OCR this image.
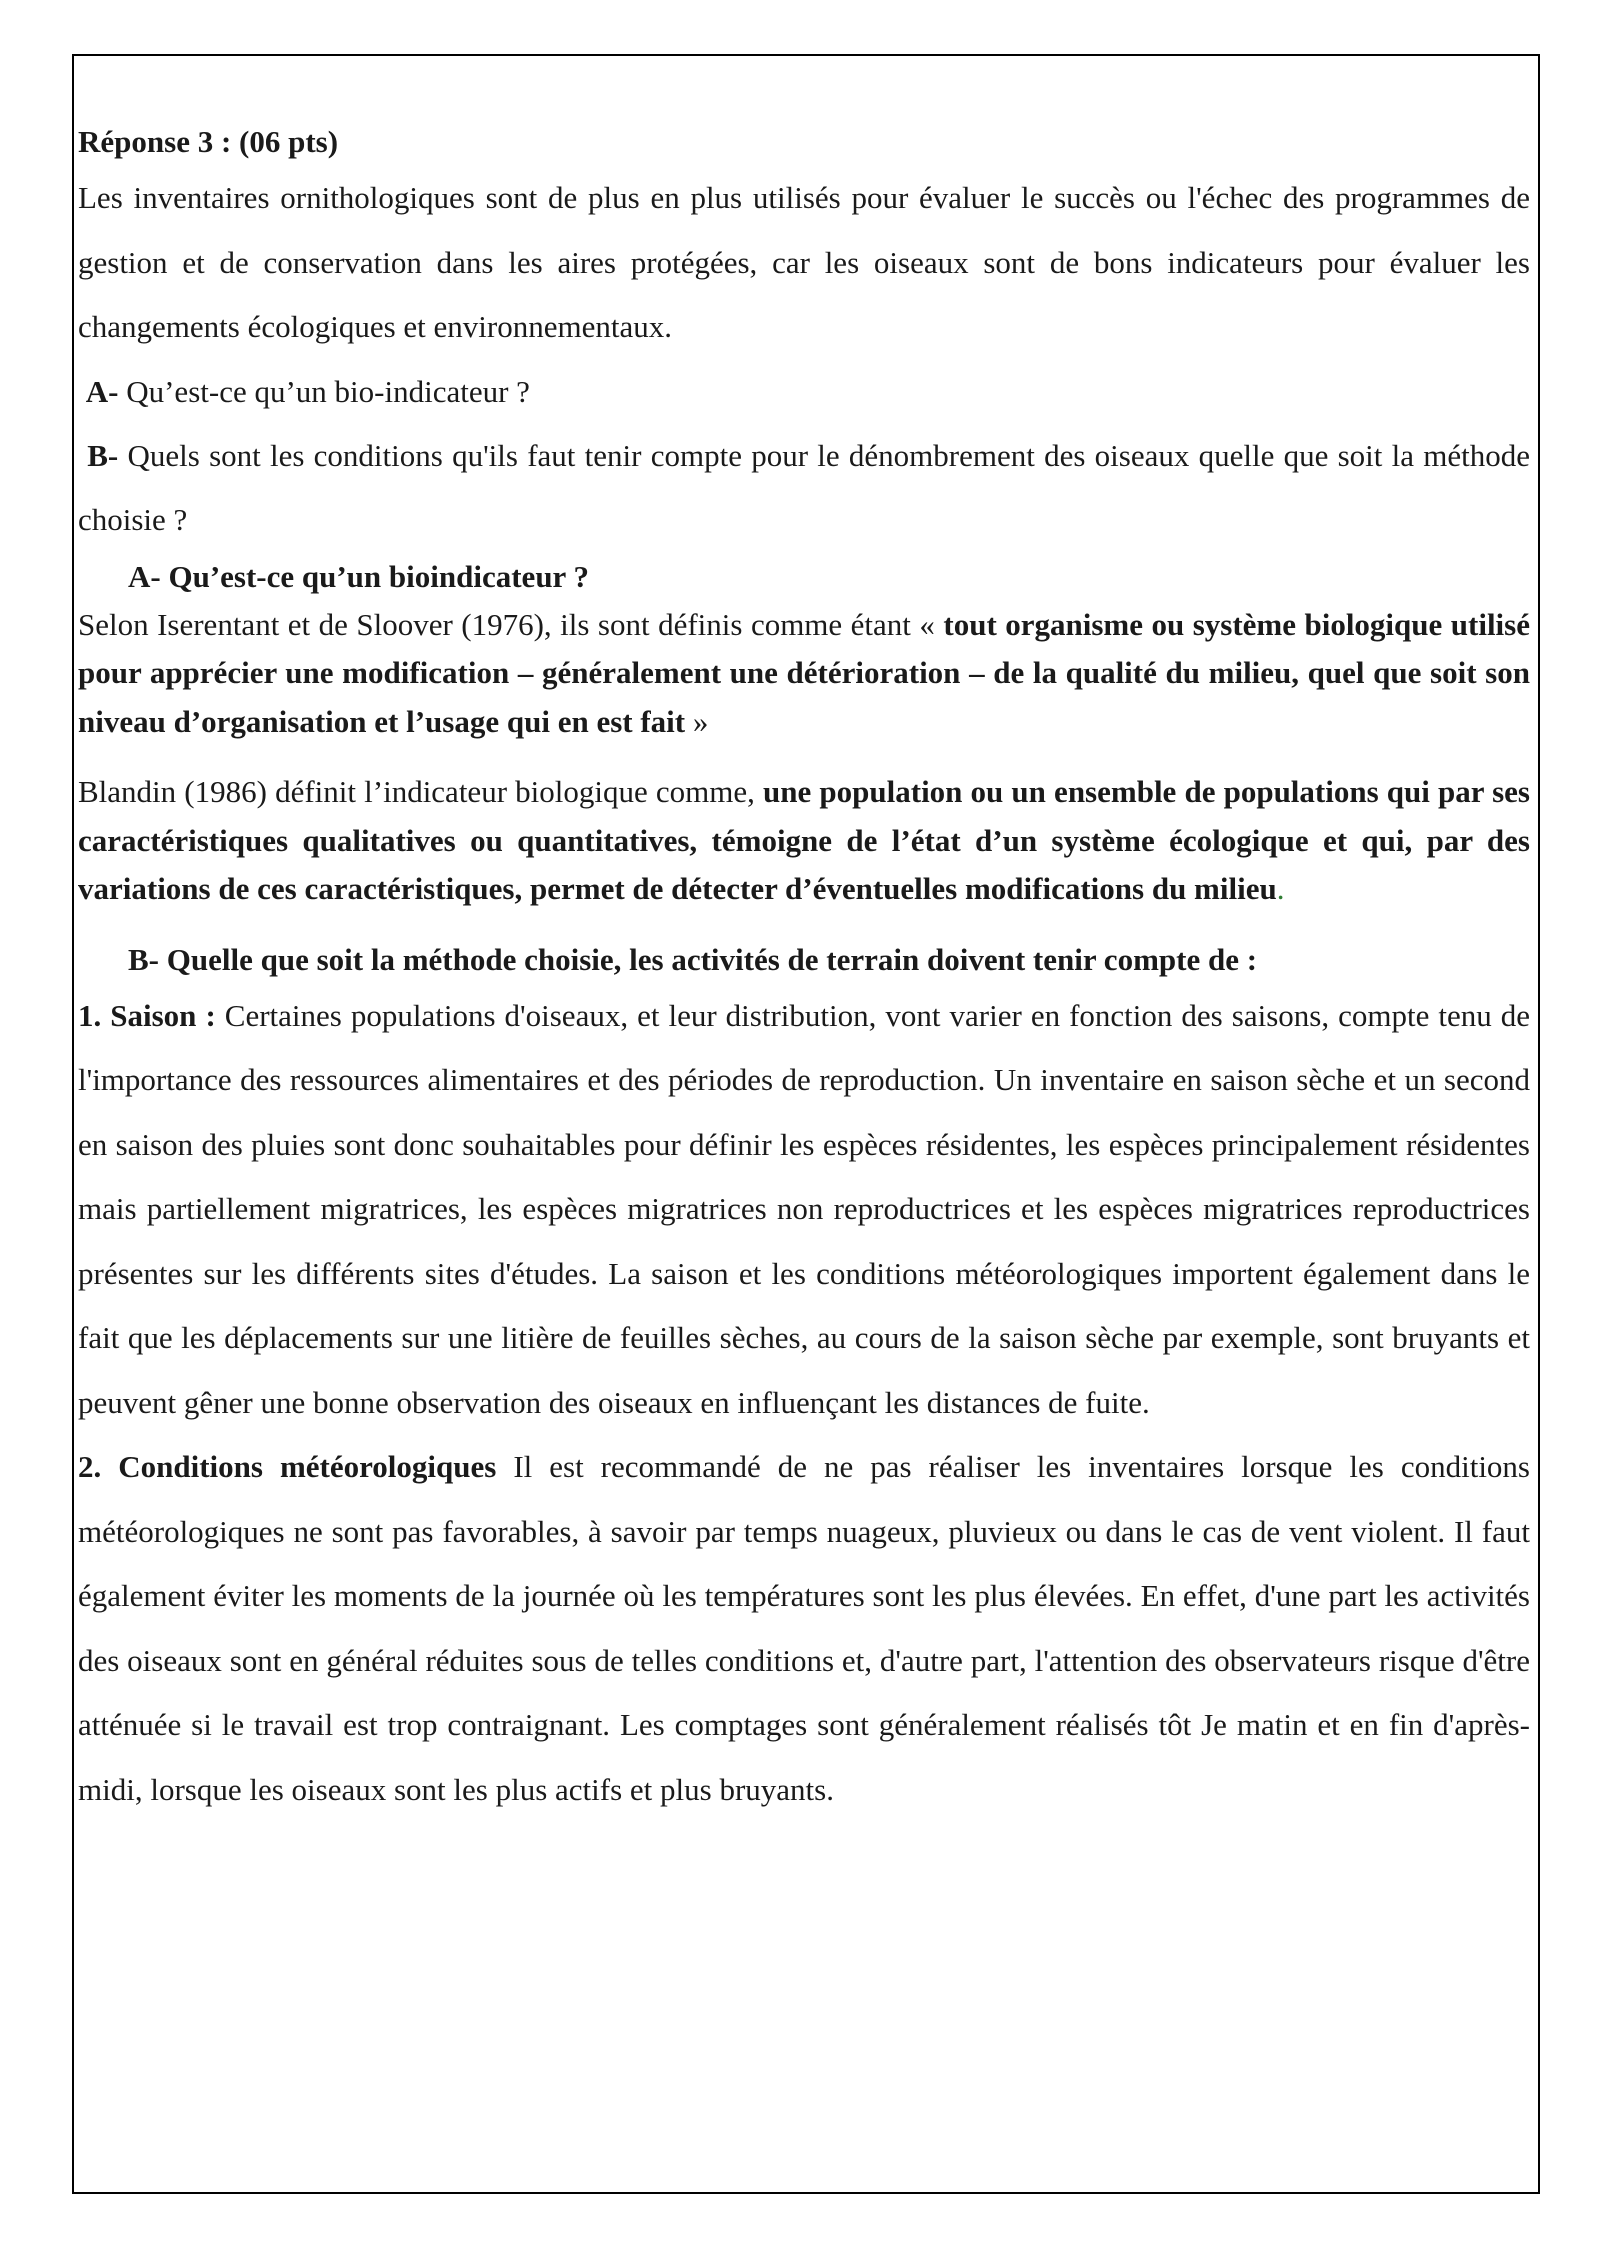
Réponse 3 : (06 pts)

Les inventaires ornithologiques sont de plus en plus utilisés pour évaluer le succès ou l'échec des programmes de gestion et de conservation dans les aires protégées, car les oiseaux sont de bons indicateurs pour évaluer les changements écologiques et environnementaux.

A- Qu’est-ce qu’un bio-indicateur ?

B- Quels sont les conditions qu'ils faut tenir compte pour le dénombrement des oiseaux quelle que soit la méthode choisie ?

A- Qu’est-ce qu’un bioindicateur ?

Selon Iserentant et de Sloover (1976), ils sont définis comme étant « tout organisme ou système biologique utilisé pour apprécier une modification – généralement une détérioration – de la qualité du milieu, quel que soit son niveau d’organisation et l’usage qui en est fait »

Blandin (1986) définit l’indicateur biologique comme, une population ou un ensemble de populations qui par ses caractéristiques qualitatives ou quantitatives, témoigne de l’état d’un système écologique et qui, par des variations de ces caractéristiques, permet de détecter d’éventuelles modifications du milieu.

B- Quelle que soit la méthode choisie, les activités de terrain doivent tenir compte de :

1. Saison : Certaines populations d'oiseaux, et leur distribution, vont varier en fonction des saisons, compte tenu de l'importance des ressources alimentaires et des périodes de reproduction. Un inventaire en saison sèche et un second en saison des pluies sont donc souhaitables pour définir les espèces résidentes, les espèces principalement résidentes mais partiellement migratrices, les espèces migratrices non reproductrices et les espèces migratrices reproductrices présentes sur les différents sites d'études. La saison et les conditions météorologiques importent également dans le fait que les déplacements sur une litière de feuilles sèches, au cours de la saison sèche par exemple, sont bruyants et peuvent gêner une bonne observation des oiseaux en influençant les distances de fuite.

2. Conditions météorologiques Il est recommandé de ne pas réaliser les inventaires lorsque les conditions météorologiques ne sont pas favorables, à savoir par temps nuageux, pluvieux ou dans le cas de vent violent. Il faut également éviter les moments de la journée où les températures sont les plus élevées. En effet, d'une part les activités des oiseaux sont en général réduites sous de telles conditions et, d'autre part, l'attention des observateurs risque d'être atténuée si le travail est trop contraignant. Les comptages sont généralement réalisés tôt Je matin et en fin d'après-midi, lorsque les oiseaux sont les plus actifs et plus bruyants.
